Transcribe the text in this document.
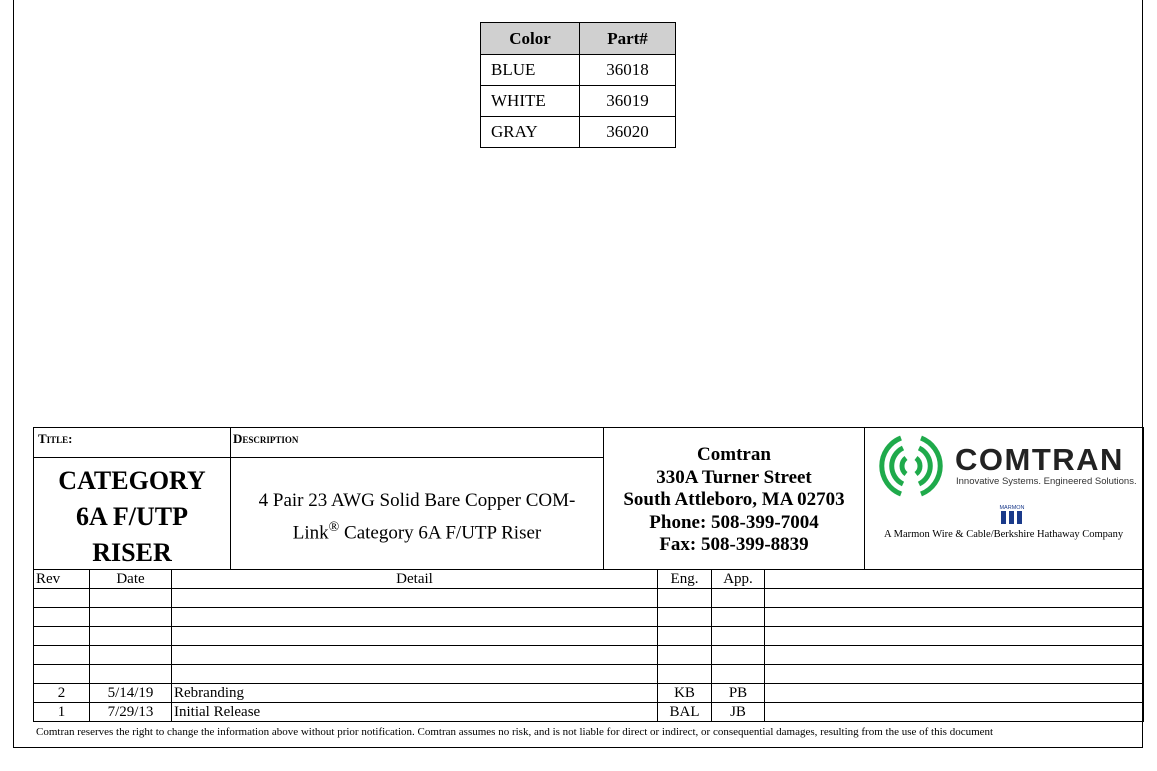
Color	Part#
BLUE	36018
WHITE	36019
GRAY	36020
Title:	Description
CATEGORY
6A F/UTP
RISER
4 Pair 23 AWG Solid Bare Copper COM-
Link® Category 6A F/UTP Riser
Comtran
330A Turner Street
South Attleboro, MA 02703
Phone: 508-399-7004
Fax: 508-399-8839
COMTRAN
Innovative Systems. Engineered Solutions.
MARMON
A Marmon Wire & Cable/Berkshire Hathaway Company
Rev	Date	Detail	Eng.	App.	

2	5/14/19	Rebranding	KB	PB	
1	7/29/13	Initial Release	BAL	JB	
Comtran reserves the right to change the information above without prior notification. Comtran assumes no risk, and is not liable for direct or indirect, or consequential damages, resulting from the use of this document
